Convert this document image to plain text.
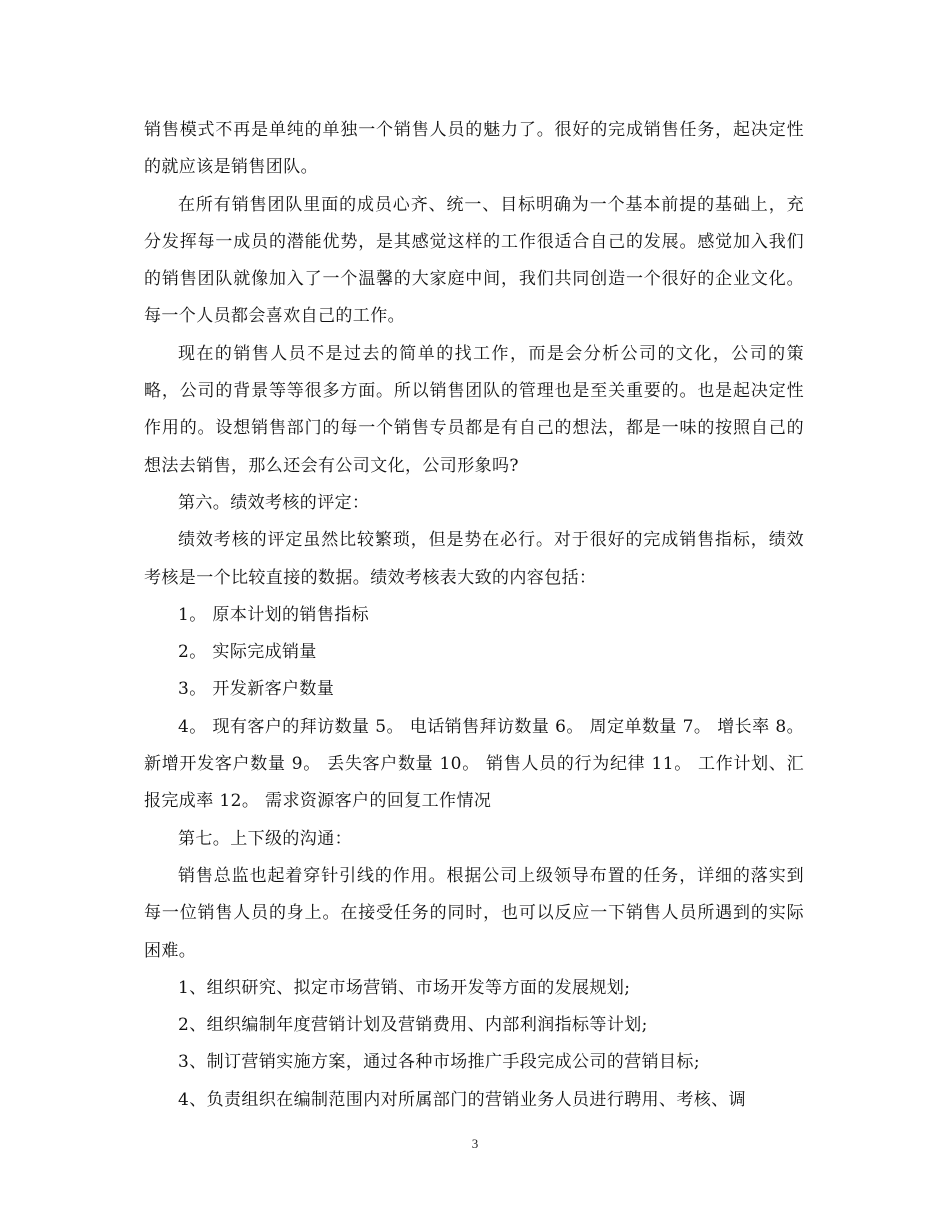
销售模式不再是单纯的单独一个销售人员的魅力了。很好的完成销售任务，起决定性的就应该是销售团队。

在所有销售团队里面的成员心齐、统一、目标明确为一个基本前提的基础上，充分发挥每一成员的潜能优势，是其感觉这样的工作很适合自己的发展。感觉加入我们的销售团队就像加入了一个温馨的大家庭中间，我们共同创造一个很好的企业文化。每一个人员都会喜欢自己的工作。

现在的销售人员不是过去的简单的找工作，而是会分析公司的文化，公司的策略，公司的背景等等很多方面。所以销售团队的管理也是至关重要的。也是起决定性作用的。设想销售部门的每一个销售专员都是有自己的想法，都是一味的按照自己的想法去销售，那么还会有公司文化，公司形象吗?

第六。绩效考核的评定：

绩效考核的评定虽然比较繁琐，但是势在必行。对于很好的完成销售指标，绩效考核是一个比较直接的数据。绩效考核表大致的内容包括：

1。 原本计划的销售指标

2。 实际完成销量

3。 开发新客户数量

4。 现有客户的拜访数量 5。 电话销售拜访数量 6。 周定单数量 7。 增长率 8。 新增开发客户数量 9。 丢失客户数量 10。 销售人员的行为纪律 11。 工作计划、汇报完成率 12。 需求资源客户的回复工作情况

第七。上下级的沟通：

销售总监也起着穿针引线的作用。根据公司上级领导布置的任务，详细的落实到每一位销售人员的身上。在接受任务的同时，也可以反应一下销售人员所遇到的实际困难。

1、组织研究、拟定市场营销、市场开发等方面的发展规划;

2、组织编制年度营销计划及营销费用、内部利润指标等计划;

3、制订营销实施方案，通过各种市场推广手段完成公司的营销目标;

4、负责组织在编制范围内对所属部门的营销业务人员进行聘用、考核、调

3
